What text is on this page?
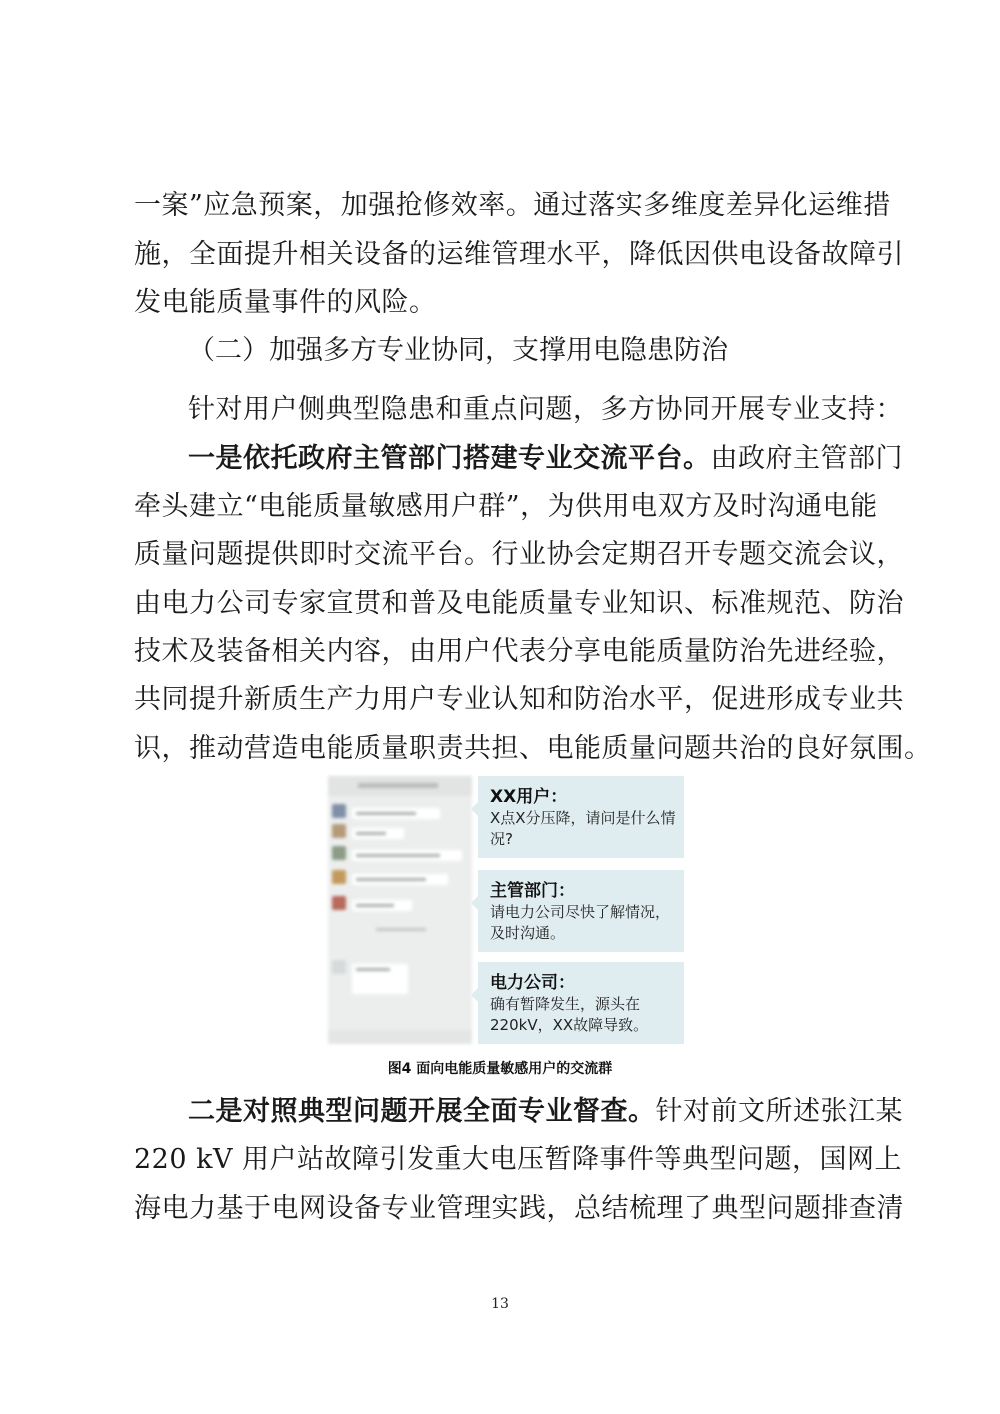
一案”应急预案，加强抢修效率。通过落实多维度差异化运维措
施，全面提升相关设备的运维管理水平，降低因供电设备故障引
发电能质量事件的风险。
（二）加强多方专业协同，支撑用电隐患防治
针对用户侧典型隐患和重点问题，多方协同开展专业支持：
一是依托政府主管部门搭建专业交流平台。由政府主管部门
牵头建立“电能质量敏感用户群”，为供用电双方及时沟通电能
质量问题提供即时交流平台。行业协会定期召开专题交流会议，
由电力公司专家宣贯和普及电能质量专业知识、标准规范、防治
技术及装备相关内容，由用户代表分享电能质量防治先进经验，
共同提升新质生产力用户专业认知和防治水平，促进形成专业共
识，推动营造电能质量职责共担、电能质量问题共治的良好氛围。
XX用户：
X点X分压降，请问是什么情况?
主管部门：
请电力公司尽快了解情况，及时沟通。
电力公司：
确有暂降发生，源头在220kV，XX故障导致。
图4 面向电能质量敏感用户的交流群
二是对照典型问题开展全面专业督查。针对前文所述张江某
220 kV 用户站故障引发重大电压暂降事件等典型问题，国网上
海电力基于电网设备专业管理实践，总结梳理了典型问题排查清
13
